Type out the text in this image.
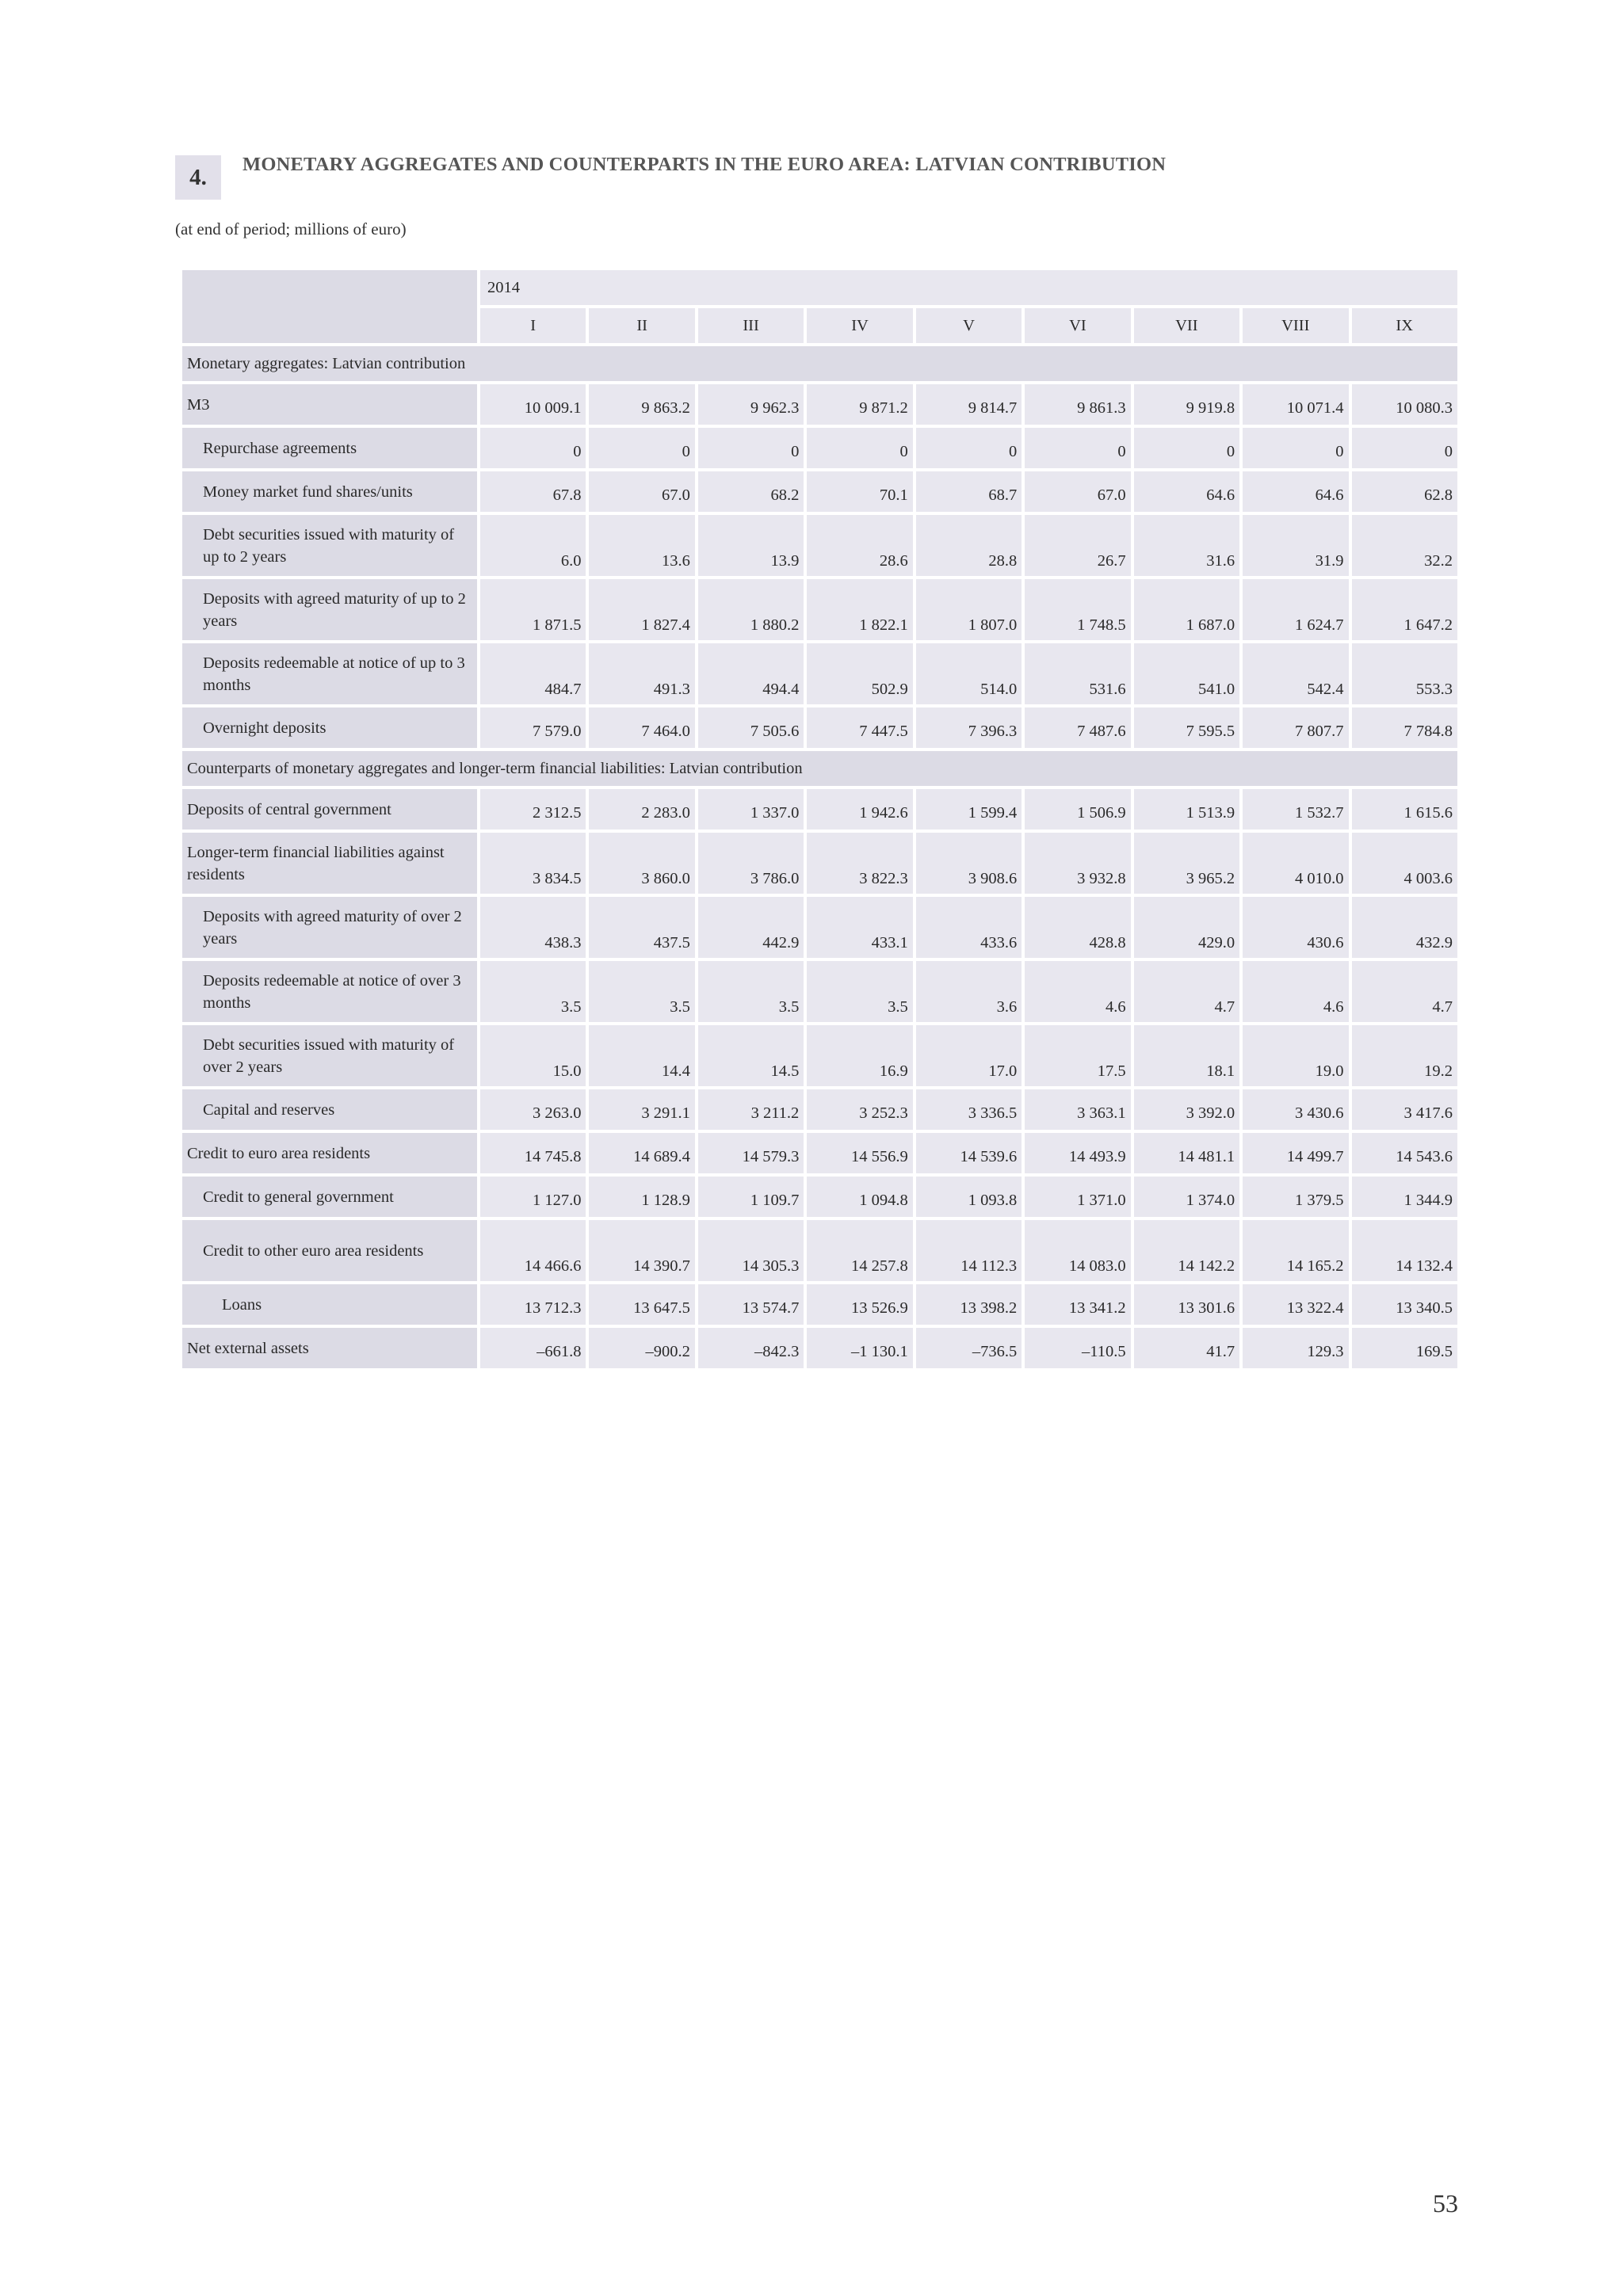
4.	MONETARY AGGREGATES AND COUNTERPARTS IN THE EURO AREA: LATVIAN CONTRIBUTION
(at end of period; millions of euro)
	2014								
	I	II	III	IV	V	VI	VII	VIII	IX
Monetary aggregates: Latvian contribution									
M3	10 009.1	9 863.2	9 962.3	9 871.2	9 814.7	9 861.3	9 919.8	10 071.4	10 080.3
Repurchase agreements	0	0	0	0	0	0	0	0	0
Money market fund shares/units	67.8	67.0	68.2	70.1	68.7	67.0	64.6	64.6	62.8
Debt securities issued with maturity of up to 2 years	6.0	13.6	13.9	28.6	28.8	26.7	31.6	31.9	32.2
Deposits with agreed maturity of up to 2 years	1 871.5	1 827.4	1 880.2	1 822.1	1 807.0	1 748.5	1 687.0	1 624.7	1 647.2
Deposits redeemable at notice of up to 3 months	484.7	491.3	494.4	502.9	514.0	531.6	541.0	542.4	553.3
Overnight deposits	7 579.0	7 464.0	7 505.6	7 447.5	7 396.3	7 487.6	7 595.5	7 807.7	7 784.8
Counterparts of monetary aggregates and longer-term financial liabilities: Latvian contribution									
Deposits of central government	2 312.5	2 283.0	1 337.0	1 942.6	1 599.4	1 506.9	1 513.9	1 532.7	1 615.6
Longer-term financial liabilities against residents	3 834.5	3 860.0	3 786.0	3 822.3	3 908.6	3 932.8	3 965.2	4 010.0	4 003.6
Deposits with agreed maturity of over 2 years	438.3	437.5	442.9	433.1	433.6	428.8	429.0	430.6	432.9
Deposits redeemable at notice of over 3 months	3.5	3.5	3.5	3.5	3.6	4.6	4.7	4.6	4.7
Debt securities issued with maturity of over 2 years	15.0	14.4	14.5	16.9	17.0	17.5	18.1	19.0	19.2
Capital and reserves	3 263.0	3 291.1	3 211.2	3 252.3	3 336.5	3 363.1	3 392.0	3 430.6	3 417.6
Credit to euro area residents	14 745.8	14 689.4	14 579.3	14 556.9	14 539.6	14 493.9	14 481.1	14 499.7	14 543.6
Credit to general government	1 127.0	1 128.9	1 109.7	1 094.8	1 093.8	1 371.0	1 374.0	1 379.5	1 344.9
Credit to other euro area residents	14 466.6	14 390.7	14 305.3	14 257.8	14 112.3	14 083.0	14 142.2	14 165.2	14 132.4
Loans	13 712.3	13 647.5	13 574.7	13 526.9	13 398.2	13 341.2	13 301.6	13 322.4	13 340.5
Net external assets	–661.8	–900.2	–842.3	–1 130.1	–736.5	–110.5	41.7	129.3	169.5
53
